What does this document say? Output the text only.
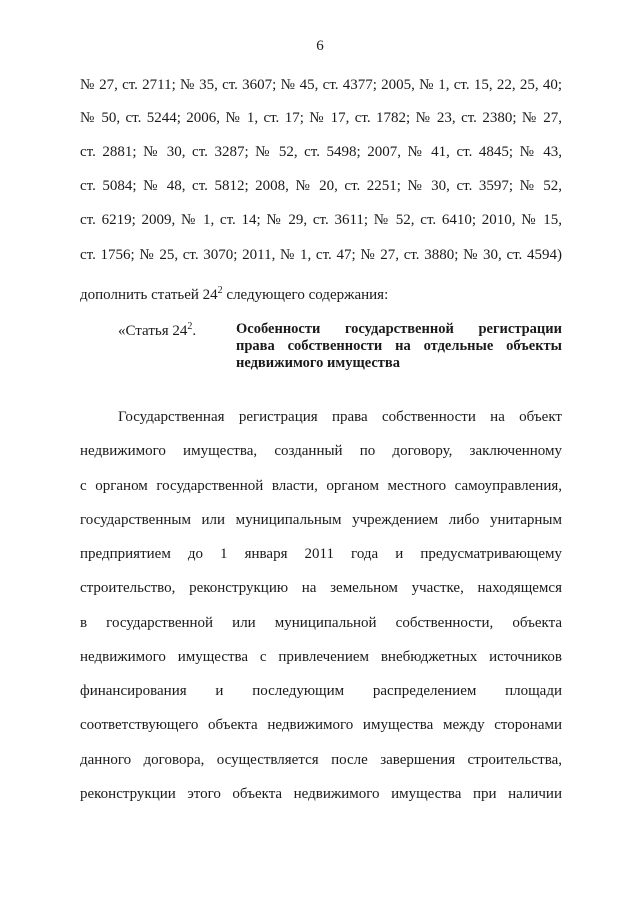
6
№ 27, ст. 2711; № 35, ст. 3607; № 45, ст. 4377; 2005, № 1, ст. 15, 22, 25, 40;
№ 50, ст. 5244; 2006, № 1, ст. 17; № 17, ст. 1782; № 23, ст. 2380; № 27,
ст. 2881; № 30, ст. 3287; № 52, ст. 5498; 2007, № 41, ст. 4845; № 43,
ст. 5084; № 48, ст. 5812; 2008, № 20, ст. 2251; № 30, ст. 3597; № 52,
ст. 6219; 2009, № 1, ст. 14; № 29, ст. 3611; № 52, ст. 6410; 2010, № 15,
ст. 1756; № 25, ст. 3070; 2011, № 1, ст. 47; № 27, ст. 3880; № 30, ст. 4594)
дополнить статьей $24^2$ следующего содержания:
«Статья $24^2$.	Особенности государственной регистрации
права собственности на отдельные объекты
недвижимого имущества
Государственная регистрация права собственности на объект
недвижимого имущества, созданный по договору, заключенному
с органом государственной власти, органом местного самоуправления,
государственным или муниципальным учреждением либо унитарным
предприятием до 1 января 2011 года и предусматривающему
строительство, реконструкцию на земельном участке, находящемся
в государственной или муниципальной собственности, объекта
недвижимого имущества с привлечением внебюджетных источников
финансирования и последующим распределением площади
соответствующего объекта недвижимого имущества между сторонами
данного договора, осуществляется после завершения строительства,
реконструкции этого объекта недвижимого имущества при наличии
